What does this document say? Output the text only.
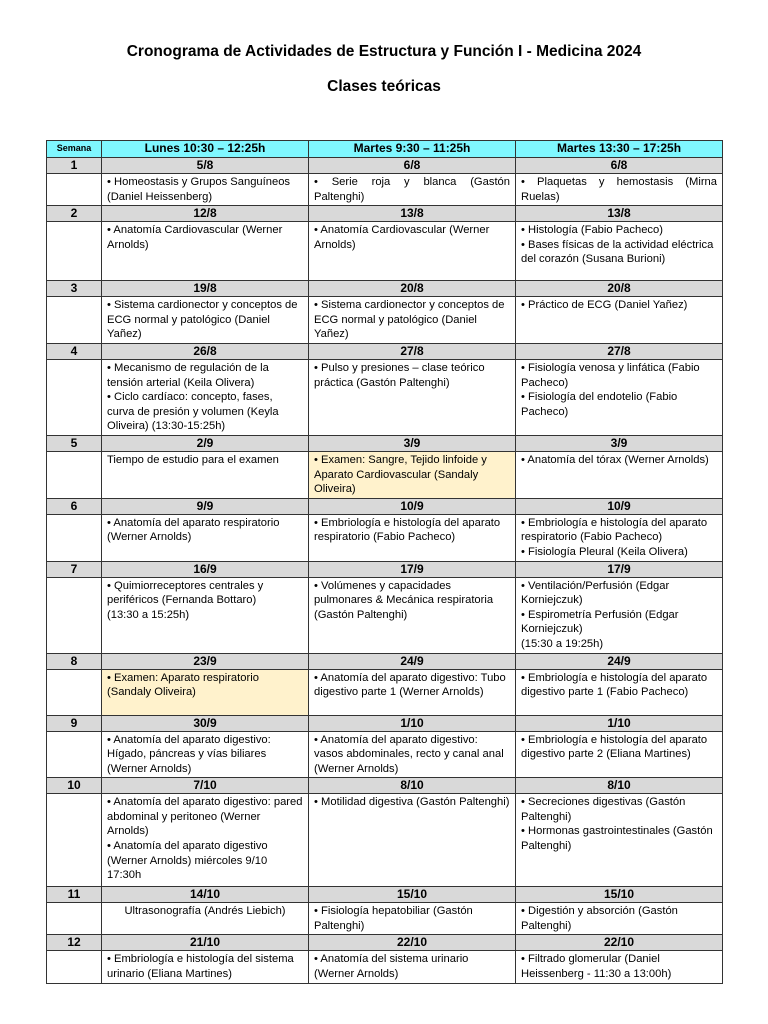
Cronograma de Actividades de Estructura y Función I - Medicina 2024
Clases teóricas
Semana	Lunes 10:30 – 12:25h	Martes 9:30 – 11:25h	Martes 13:30 – 17:25h
1	5/8	6/8	6/8

	• Homeostasis y Grupos Sanguíneos (Daniel Heissenberg)	• Serie roja y blanca (Gastón Paltenghi)	• Plaquetas y hemostasis (Mirna Ruelas)

2	12/8	13/8	13/8

	• Anatomía Cardiovascular (Werner Arnolds)	• Anatomía Cardiovascular (Werner Arnolds)	• Histología (Fabio Pacheco)
• Bases físicas de la actividad eléctrica del corazón (Susana Burioni)

3	19/8	20/8	20/8

	• Sistema cardionector y conceptos de ECG normal y patológico (Daniel Yañez)	• Sistema cardionector y conceptos de ECG normal y patológico (Daniel Yañez)	• Práctico de ECG (Daniel Yañez)

4	26/8	27/8	27/8

	• Mecanismo de regulación de la tensión arterial (Keila Olivera)
• Ciclo cardíaco: concepto, fases, curva de presión y volumen (Keyla Oliveira) (13:30-15:25h)	• Pulso y presiones – clase teórico práctica (Gastón Paltenghi)	• Fisiología venosa y linfática (Fabio Pacheco)
• Fisiología del endotelio (Fabio Pacheco)

5	2/9	3/9	3/9

	Tiempo de estudio para el examen	• Examen: Sangre, Tejido linfoide y Aparato Cardiovascular (Sandaly Oliveira)	• Anatomía del tórax (Werner Arnolds)

6	9/9	10/9	10/9

	• Anatomía del aparato respiratorio (Werner Arnolds)	• Embriología e histología del aparato respiratorio (Fabio Pacheco)	• Embriología e histología del aparato respiratorio (Fabio Pacheco)
• Fisiología Pleural (Keila Olivera)

7	16/9	17/9	17/9

	• Quimiorreceptores centrales y periféricos (Fernanda Bottaro)
(13:30 a 15:25h)	• Volúmenes y capacidades pulmonares & Mecánica respiratoria (Gastón Paltenghi)	• Ventilación/Perfusión (Edgar Korniejczuk)
• Espirometría Perfusión (Edgar Korniejczuk)
(15:30 a 19:25h)

8	23/9	24/9	24/9

	• Examen: Aparato respiratorio (Sandaly Oliveira)	• Anatomía del aparato digestivo: Tubo digestivo parte 1 (Werner Arnolds)	• Embriología e histología del aparato digestivo parte 1 (Fabio Pacheco)

9	30/9	1/10	1/10

	• Anatomía del aparato digestivo: Hígado, páncreas y vías biliares (Werner Arnolds)	• Anatomía del aparato digestivo: vasos abdominales, recto y canal anal (Werner Arnolds)	• Embriología e histología del aparato digestivo parte 2 (Eliana Martines)

10	7/10	8/10	8/10

	• Anatomía del aparato digestivo: pared abdominal y peritoneo (Werner Arnolds)
• Anatomía del aparato digestivo (Werner Arnolds) miércoles 9/10 17:30h	• Motilidad digestiva (Gastón Paltenghi)	• Secreciones digestivas (Gastón Paltenghi)
• Hormonas gastrointestinales (Gastón Paltenghi)

11	14/10	15/10	15/10

	Ultrasonografía (Andrés Liebich)	• Fisiología hepatobiliar (Gastón Paltenghi)	• Digestión y absorción (Gastón Paltenghi)

12	21/10	22/10	22/10

	• Embriología e histología del sistema urinario (Eliana Martines)	• Anatomía del sistema urinario (Werner Arnolds)	• Filtrado glomerular (Daniel Heissenberg - 11:30 a 13:00h)
